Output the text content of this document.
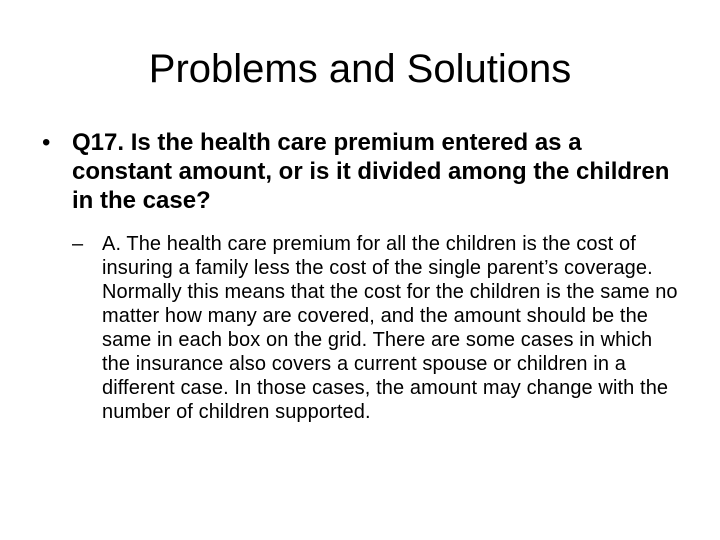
Problems and Solutions
• Q17. Is the health care premium entered as a constant amount, or is it divided among the children in the case?
– A. The health care premium for all the children is the cost of insuring a family less the cost of the single parent’s coverage. Normally this means that the cost for the children is the same no matter how many are covered, and the amount should be the same in each box on the grid. There are some cases in which the insurance also covers a current spouse or children in a different case. In those cases, the amount may change with the number of children supported.
